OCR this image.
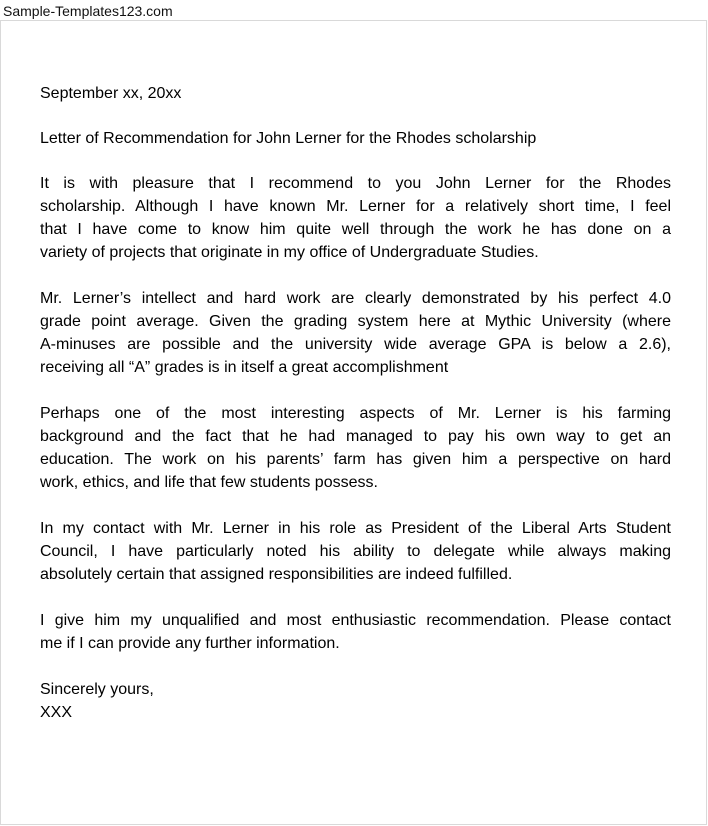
Sample-Templates123.com
September xx, 20xx
Letter of Recommendation for John Lerner for the Rhodes scholarship
It is with pleasure that I recommend to you John Lerner for the Rhodes
scholarship. Although I have known Mr. Lerner for a relatively short time, I feel
that I have come to know him quite well through the work he has done on a
variety of projects that originate in my office of Undergraduate Studies.
Mr. Lerner’s intellect and hard work are clearly demonstrated by his perfect 4.0
grade point average. Given the grading system here at Mythic University (where
A-minuses are possible and the university wide average GPA is below a 2.6),
receiving all “A” grades is in itself a great accomplishment
Perhaps one of the most interesting aspects of Mr. Lerner is his farming
background and the fact that he had managed to pay his own way to get an
education. The work on his parents’ farm has given him a perspective on hard
work, ethics, and life that few students possess.
In my contact with Mr. Lerner in his role as President of the Liberal Arts Student
Council, I have particularly noted his ability to delegate while always making
absolutely certain that assigned responsibilities are indeed fulfilled.
I give him my unqualified and most enthusiastic recommendation. Please contact
me if I can provide any further information.
Sincerely yours,
XXX
